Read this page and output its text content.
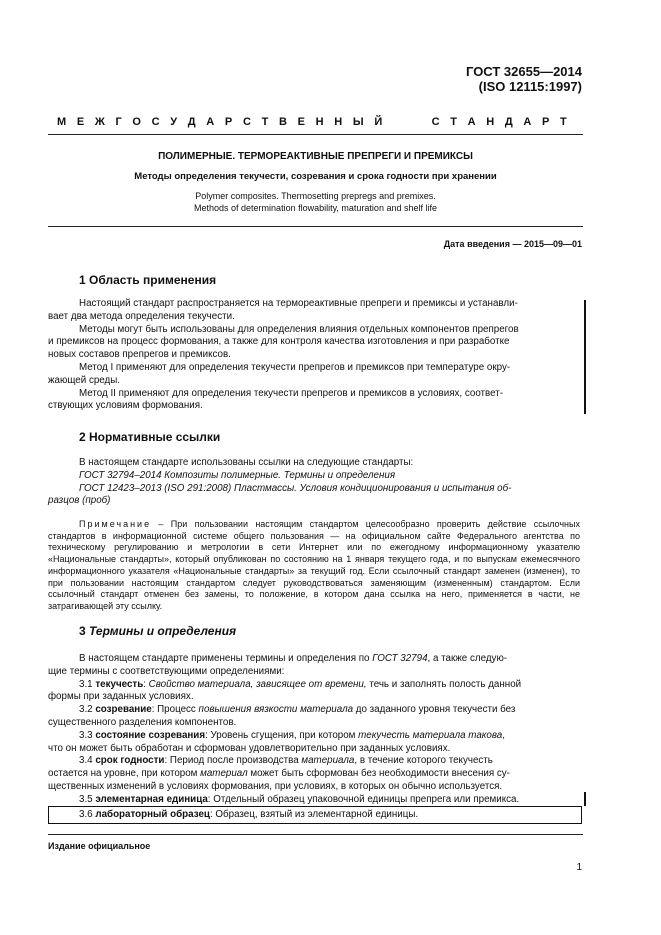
ГОСТ 32655—2014
(ISO 12115:1997)
М Е Ж Г О С У Д А Р С Т В Е Н Н Ы Й	С Т А Н Д А Р Т
ПОЛИМЕРНЫЕ. ТЕРМОРЕАКТИВНЫЕ ПРЕПРЕГИ И ПРЕМИКСЫ
Методы определения текучести, созревания и срока годности при хранении
Polymer composites. Thermosetting prepregs and premixes.
Methods of determination flowability, maturation and shelf life
Дата введения — 2015—09—01
1 Область применения
Настоящий стандарт распространяется на термореактивные препреги и премиксы и устанавли-
вает два метода определения текучести.
Методы могут быть использованы для определения влияния отдельных компонентов препрегов
и премиксов на процесс формования, а также для контроля качества изготовления и при разработке
новых составов препрегов и премиксов.
Метод I применяют для определения текучести препрегов и премиксов при температуре окру-
жающей среды.
Метод II применяют для определения текучести препрегов и премиксов в условиях, соответ-
ствующих условиям формования.
2 Нормативные ссылки
В настоящем стандарте использованы ссылки на следующие стандарты:
ГОСТ 32794–2014 Композиты полимерные. Термины и определения
ГОСТ 12423–2013 (ISO 291:2008) Пластмассы. Условия кондиционирования и испытания об-
разцов (проб)
Примечание – При пользовании настоящим стандартом целесообразно проверить действие ссылочных стандартов в информационной системе общего пользования — на официальном сайте Федерального агентства по техническому регулированию и метрологии в сети Интернет или по ежегодному информационному указателю «Национальные стандарты», который опубликован по состоянию на 1 января текущего года, и по выпускам ежемесячного информационного указателя «Национальные стандарты» за текущий год. Если ссылочный стандарт заменен (изменен), то при пользовании настоящим стандартом следует руководствоваться заменяющим (измененным) стандартом. Если ссылочный стандарт отменен без замены, то положение, в котором дана ссылка на него, применяется в части, не затрагивающей эту ссылку.
3 Термины и определения
В настоящем стандарте применены термины и определения по ГОСТ 32794, а также следую-
щие термины с соответствующими определениями:
3.1 текучесть: Свойство материала, зависящее от времени, течь и заполнять полость данной
формы при заданных условиях.
3.2 созревание: Процесс повышения вязкости материала до заданного уровня текучести без
существенного разделения компонентов.
3.3 состояние созревания: Уровень сгущения, при котором текучесть материала такова,
что он может быть обработан и сформован удовлетворительно при заданных условиях.
3.4 срок годности: Период после производства материала, в течение которого текучесть
остается на уровне, при котором материал может быть сформован без необходимости внесения су-
щественных изменений в условиях формования, при условиях, в которых он обычно используется.
3.5 элементарная единица: Отдельный образец упаковочной единицы препрега или премикса.
3.6 лабораторный образец: Образец, взятый из элементарной единицы.
Издание официальное
1
